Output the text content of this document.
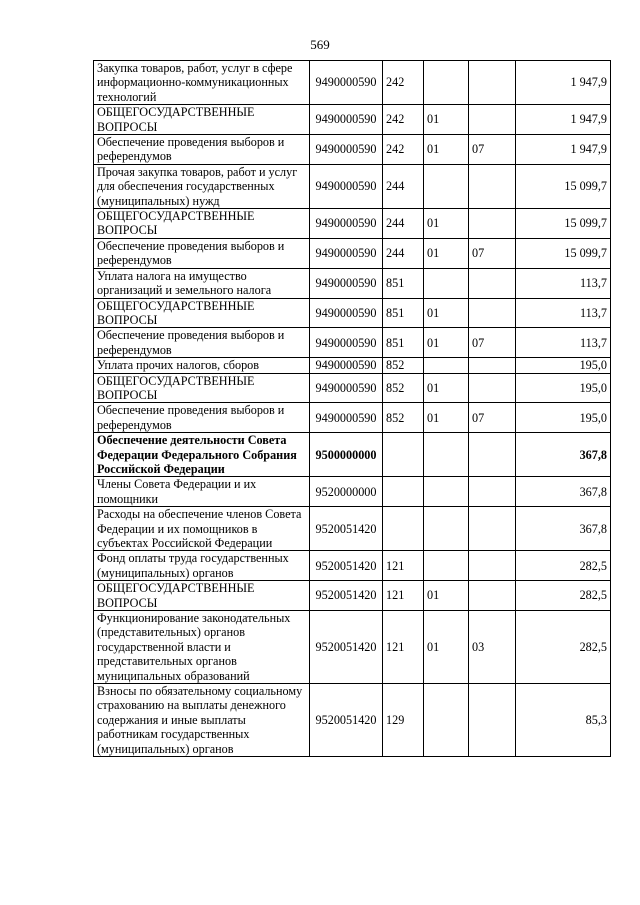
569
Закупка товаров, работ, услуг в сфере информационно-коммуникационных технологий	9490000590	242			1 947,9
ОБЩЕГОСУДАРСТВЕННЫЕ ВОПРОСЫ	9490000590	242	01		1 947,9
Обеспечение проведения выборов и референдумов	9490000590	242	01	07	1 947,9
Прочая закупка товаров, работ и услуг для обеспечения государственных (муниципальных) нужд	9490000590	244			15 099,7
ОБЩЕГОСУДАРСТВЕННЫЕ ВОПРОСЫ	9490000590	244	01		15 099,7
Обеспечение проведения выборов и референдумов	9490000590	244	01	07	15 099,7
Уплата налога на имущество организаций и земельного налога	9490000590	851			113,7
ОБЩЕГОСУДАРСТВЕННЫЕ ВОПРОСЫ	9490000590	851	01		113,7
Обеспечение проведения выборов и референдумов	9490000590	851	01	07	113,7
Уплата прочих налогов, сборов	9490000590	852			195,0
ОБЩЕГОСУДАРСТВЕННЫЕ ВОПРОСЫ	9490000590	852	01		195,0
Обеспечение проведения выборов и референдумов	9490000590	852	01	07	195,0
Обеспечение деятельности Совета Федерации Федерального Собрания Российской Федерации	9500000000				367,8
Члены Совета Федерации и их помощники	9520000000				367,8
Расходы на обеспечение членов Совета Федерации и их помощников в субъектах Российской Федерации	9520051420				367,8
Фонд оплаты труда государственных (муниципальных) органов	9520051420	121			282,5
ОБЩЕГОСУДАРСТВЕННЫЕ ВОПРОСЫ	9520051420	121	01		282,5
Функционирование законодательных (представительных) органов государственной власти и представительных органов муниципальных образований	9520051420	121	01	03	282,5
Взносы по обязательному социальному страхованию на выплаты денежного содержания и иные выплаты работникам государственных (муниципальных) органов	9520051420	129			85,3
